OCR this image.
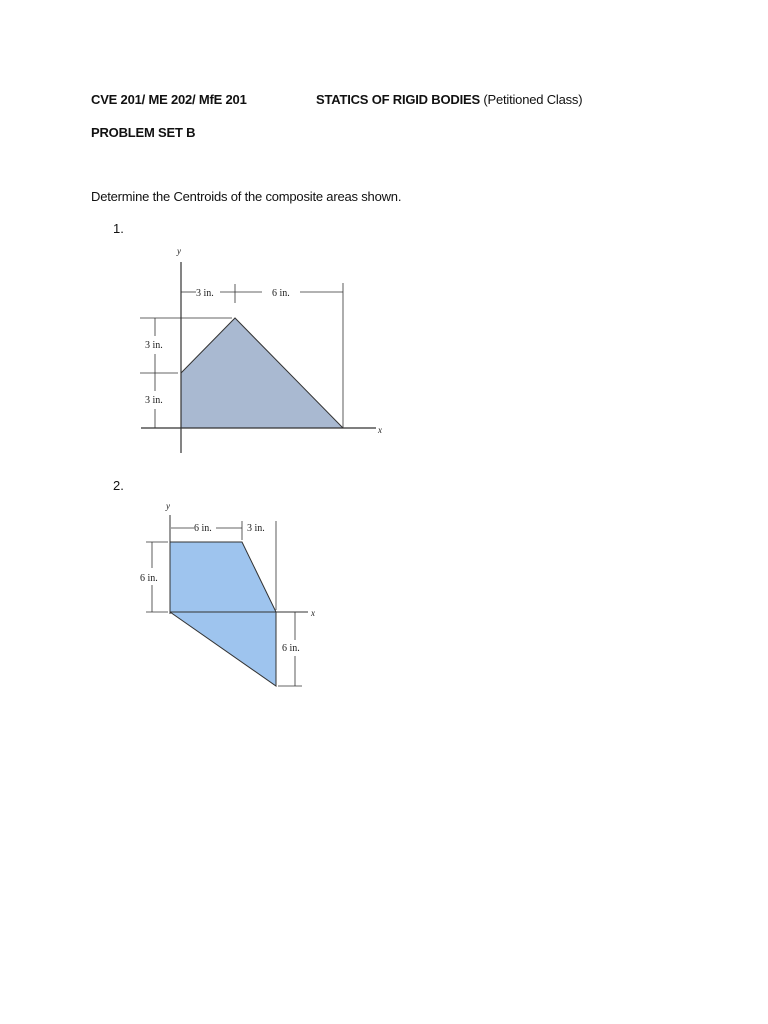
CVE 201/ ME 202/ MfE 201	STATICS OF RIGID BODIES (Petitioned Class)
PROBLEM SET B
Determine the Centroids of the composite areas shown.
1.
y
x
3 in.	6 in.
3 in.
3 in.
2.
y
x
6 in.	3 in.
6 in.
6 in.
